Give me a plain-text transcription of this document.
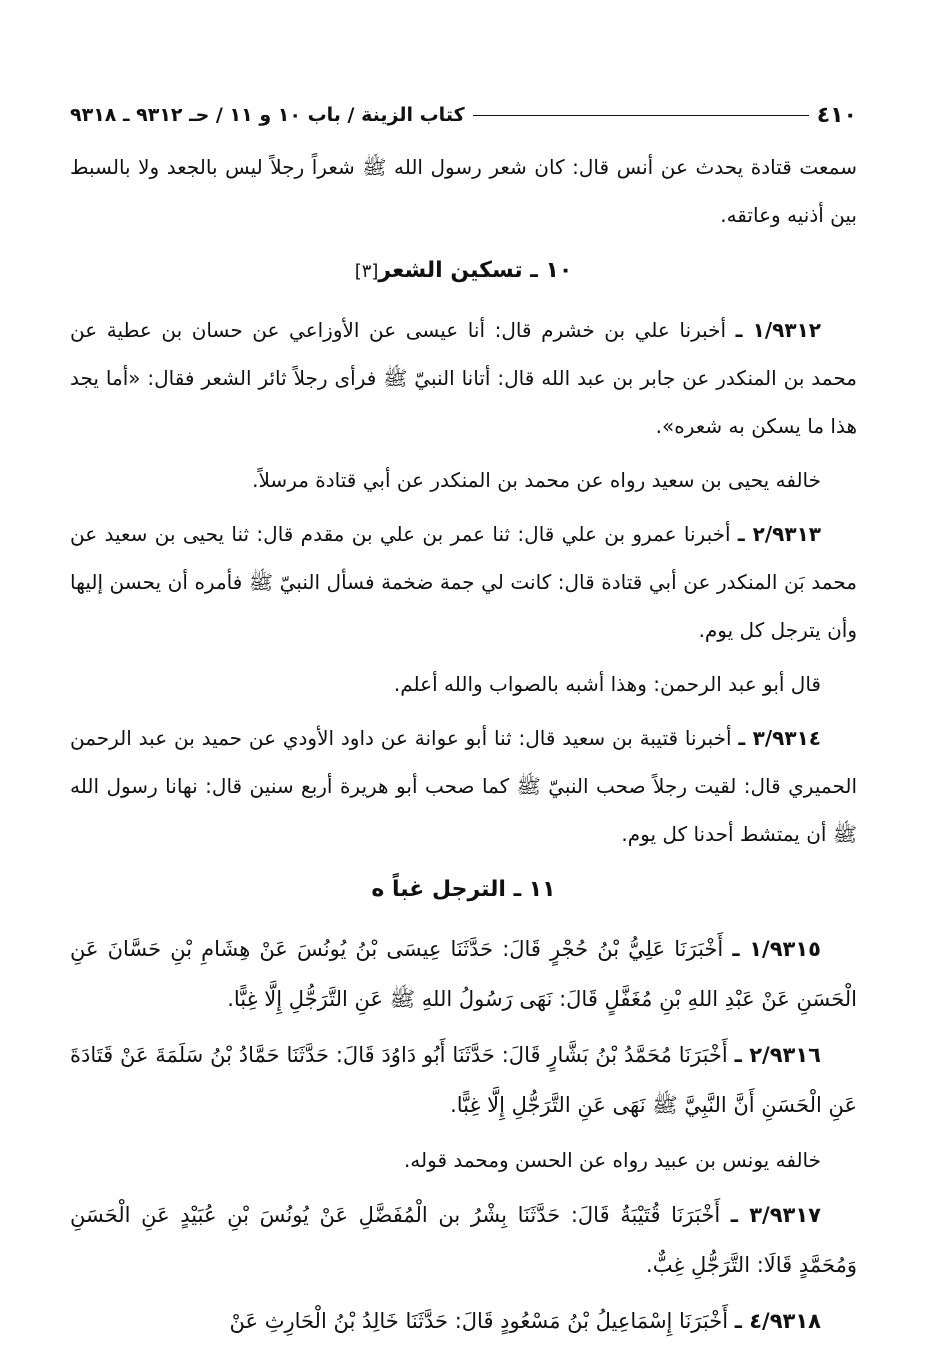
٤١٠
كتاب الزينة / باب ١٠ و ١١ / حـ ٩٣١٢ ـ ٩٣١٨

سمعت قتادة يحدث عن أنس قال: كان شعر رسول الله ﷺ شعراً رجلاً ليس بالجعد ولا بالسبط بين أذنيه وعاتقه.

١٠ ـ تسكين الشعر[٣]

١/٩٣١٢ ـ أخبرنا علي بن خشرم قال: أنا عيسى عن الأوزاعي عن حسان بن عطية عن محمد بن المنكدر عن جابر بن عبد الله قال: أتانا النبيّ ﷺ فرأى رجلاً ثائر الشعر فقال: «أما يجد هذا ما يسكن به شعره».

خالفه يحيى بن سعيد رواه عن محمد بن المنكدر عن أبي قتادة مرسلاً.

٢/٩٣١٣ ـ أخبرنا عمرو بن علي قال: ثنا عمر بن علي بن مقدم قال: ثنا يحيى بن سعيد عن محمد بَن المنكدر عن أبي قتادة قال: كانت لي جمة ضخمة فسأل النبيّ ﷺ فأمره أن يحسن إليها وأن يترجل كل يوم.

قال أبو عبد الرحمن: وهذا أشبه بالصواب والله أعلم.

٣/٩٣١٤ ـ أخبرنا قتيبة بن سعيد قال: ثنا أبو عوانة عن داود الأودي عن حميد بن عبد الرحمن الحميري قال: لقيت رجلاً صحب النبيّ ﷺ كما صحب أبو هريرة أربع سنين قال: نهانا رسول الله ﷺ أن يمتشط أحدنا كل يوم.

١١ ـ الترجل غباً ه

١/٩٣١٥ ـ أَخْبَرَنَا عَلِيُّ بْنُ حُجْرٍ قَالَ: حَدَّثَنَا عِيسَى بْنُ يُونُسَ عَنْ هِشَامِ بْنِ حَسَّانَ عَنِ الْحَسَنِ عَنْ عَبْدِ اللهِ بْنِ مُغَفَّلٍ قَالَ: نَهَى رَسُولُ اللهِ ﷺ عَنِ التَّرَجُّلِ إِلَّا غِبًّا.

٢/٩٣١٦ ـ أَخْبَرَنَا مُحَمَّدُ بْنُ بَشَّارٍ قَالَ: حَدَّثَنَا أَبُو دَاوُدَ قَالَ: حَدَّثَنَا حَمَّادُ بْنُ سَلَمَةَ عَنْ قَتَادَةَ عَنِ الْحَسَنِ أَنَّ النَّبِيَّ ﷺ نَهَى عَنِ التَّرَجُّلِ إِلَّا غِبًّا.

خالفه يونس بن عبيد رواه عن الحسن ومحمد قوله.

٣/٩٣١٧ ـ أَخْبَرَنَا قُتَيْبَةُ قَالَ: حَدَّثَنَا بِشْرُ بن الْمُفَضَّلِ عَنْ يُونُسَ بْنِ عُبَيْدٍ عَنِ الْحَسَنِ وَمُحَمَّدٍ قَالَا: التَّرَجُّلِ غِبٌّ.

٤/٩٣١٨ ـ أَخْبَرَنَا إِسْمَاعِيلُ بْنُ مَسْعُودٍ قَالَ: حَدَّثَنَا خَالِدُ بْنُ الْحَارِثِ عَنْ
